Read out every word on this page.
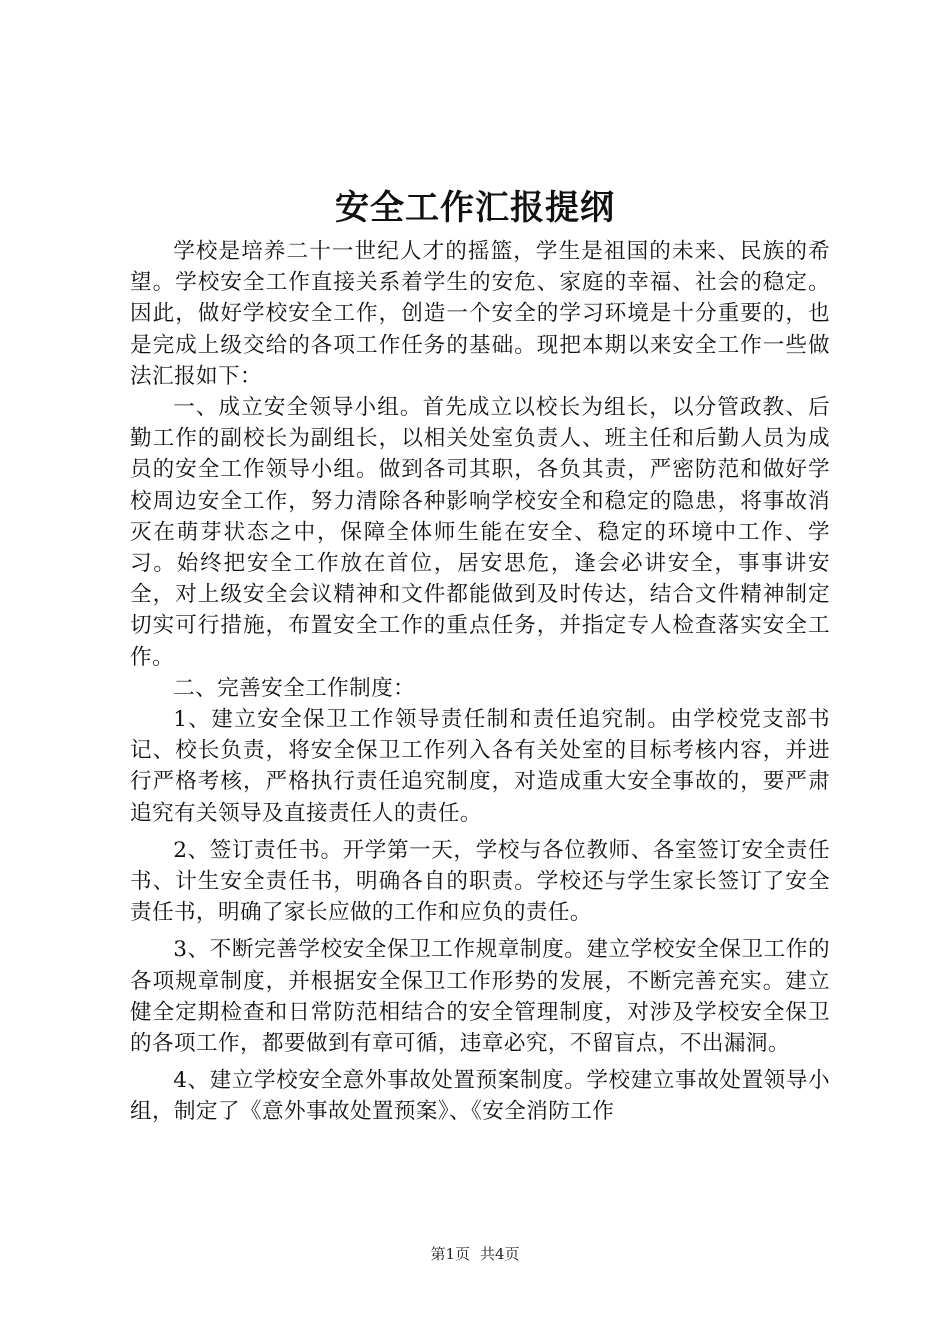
安全工作汇报提纲

学校是培养二十一世纪人才的摇篮，学生是祖国的未来、民族的希望。学校安全工作直接关系着学生的安危、家庭的幸福、社会的稳定。因此，做好学校安全工作，创造一个安全的学习环境是十分重要的，也是完成上级交给的各项工作任务的基础。现把本期以来安全工作一些做法汇报如下：

一、成立安全领导小组。首先成立以校长为组长，以分管政教、后勤工作的副校长为副组长，以相关处室负责人、班主任和后勤人员为成员的安全工作领导小组。做到各司其职，各负其责，严密防范和做好学校周边安全工作，努力清除各种影响学校安全和稳定的隐患，将事故消灭在萌芽状态之中，保障全体师生能在安全、稳定的环境中工作、学习。始终把安全工作放在首位，居安思危，逢会必讲安全，事事讲安全，对上级安全会议精神和文件都能做到及时传达，结合文件精神制定切实可行措施，布置安全工作的重点任务，并指定专人检查落实安全工作。

二、完善安全工作制度：

1、建立安全保卫工作领导责任制和责任追究制。由学校党支部书记、校长负责，将安全保卫工作列入各有关处室的目标考核内容，并进行严格考核，严格执行责任追究制度，对造成重大安全事故的，要严肃追究有关领导及直接责任人的责任。

2、签订责任书。开学第一天，学校与各位教师、各室签订安全责任书、计生安全责任书，明确各自的职责。学校还与学生家长签订了安全责任书，明确了家长应做的工作和应负的责任。

3、不断完善学校安全保卫工作规章制度。建立学校安全保卫工作的各项规章制度，并根据安全保卫工作形势的发展，不断完善充实。建立健全定期检查和日常防范相结合的安全管理制度，对涉及学校安全保卫的各项工作，都要做到有章可循，违章必究，不留盲点，不出漏洞。

4、建立学校安全意外事故处置预案制度。学校建立事故处置领导小组，制定了《意外事故处置预案》、《安全消防工作

第1页 共4页
